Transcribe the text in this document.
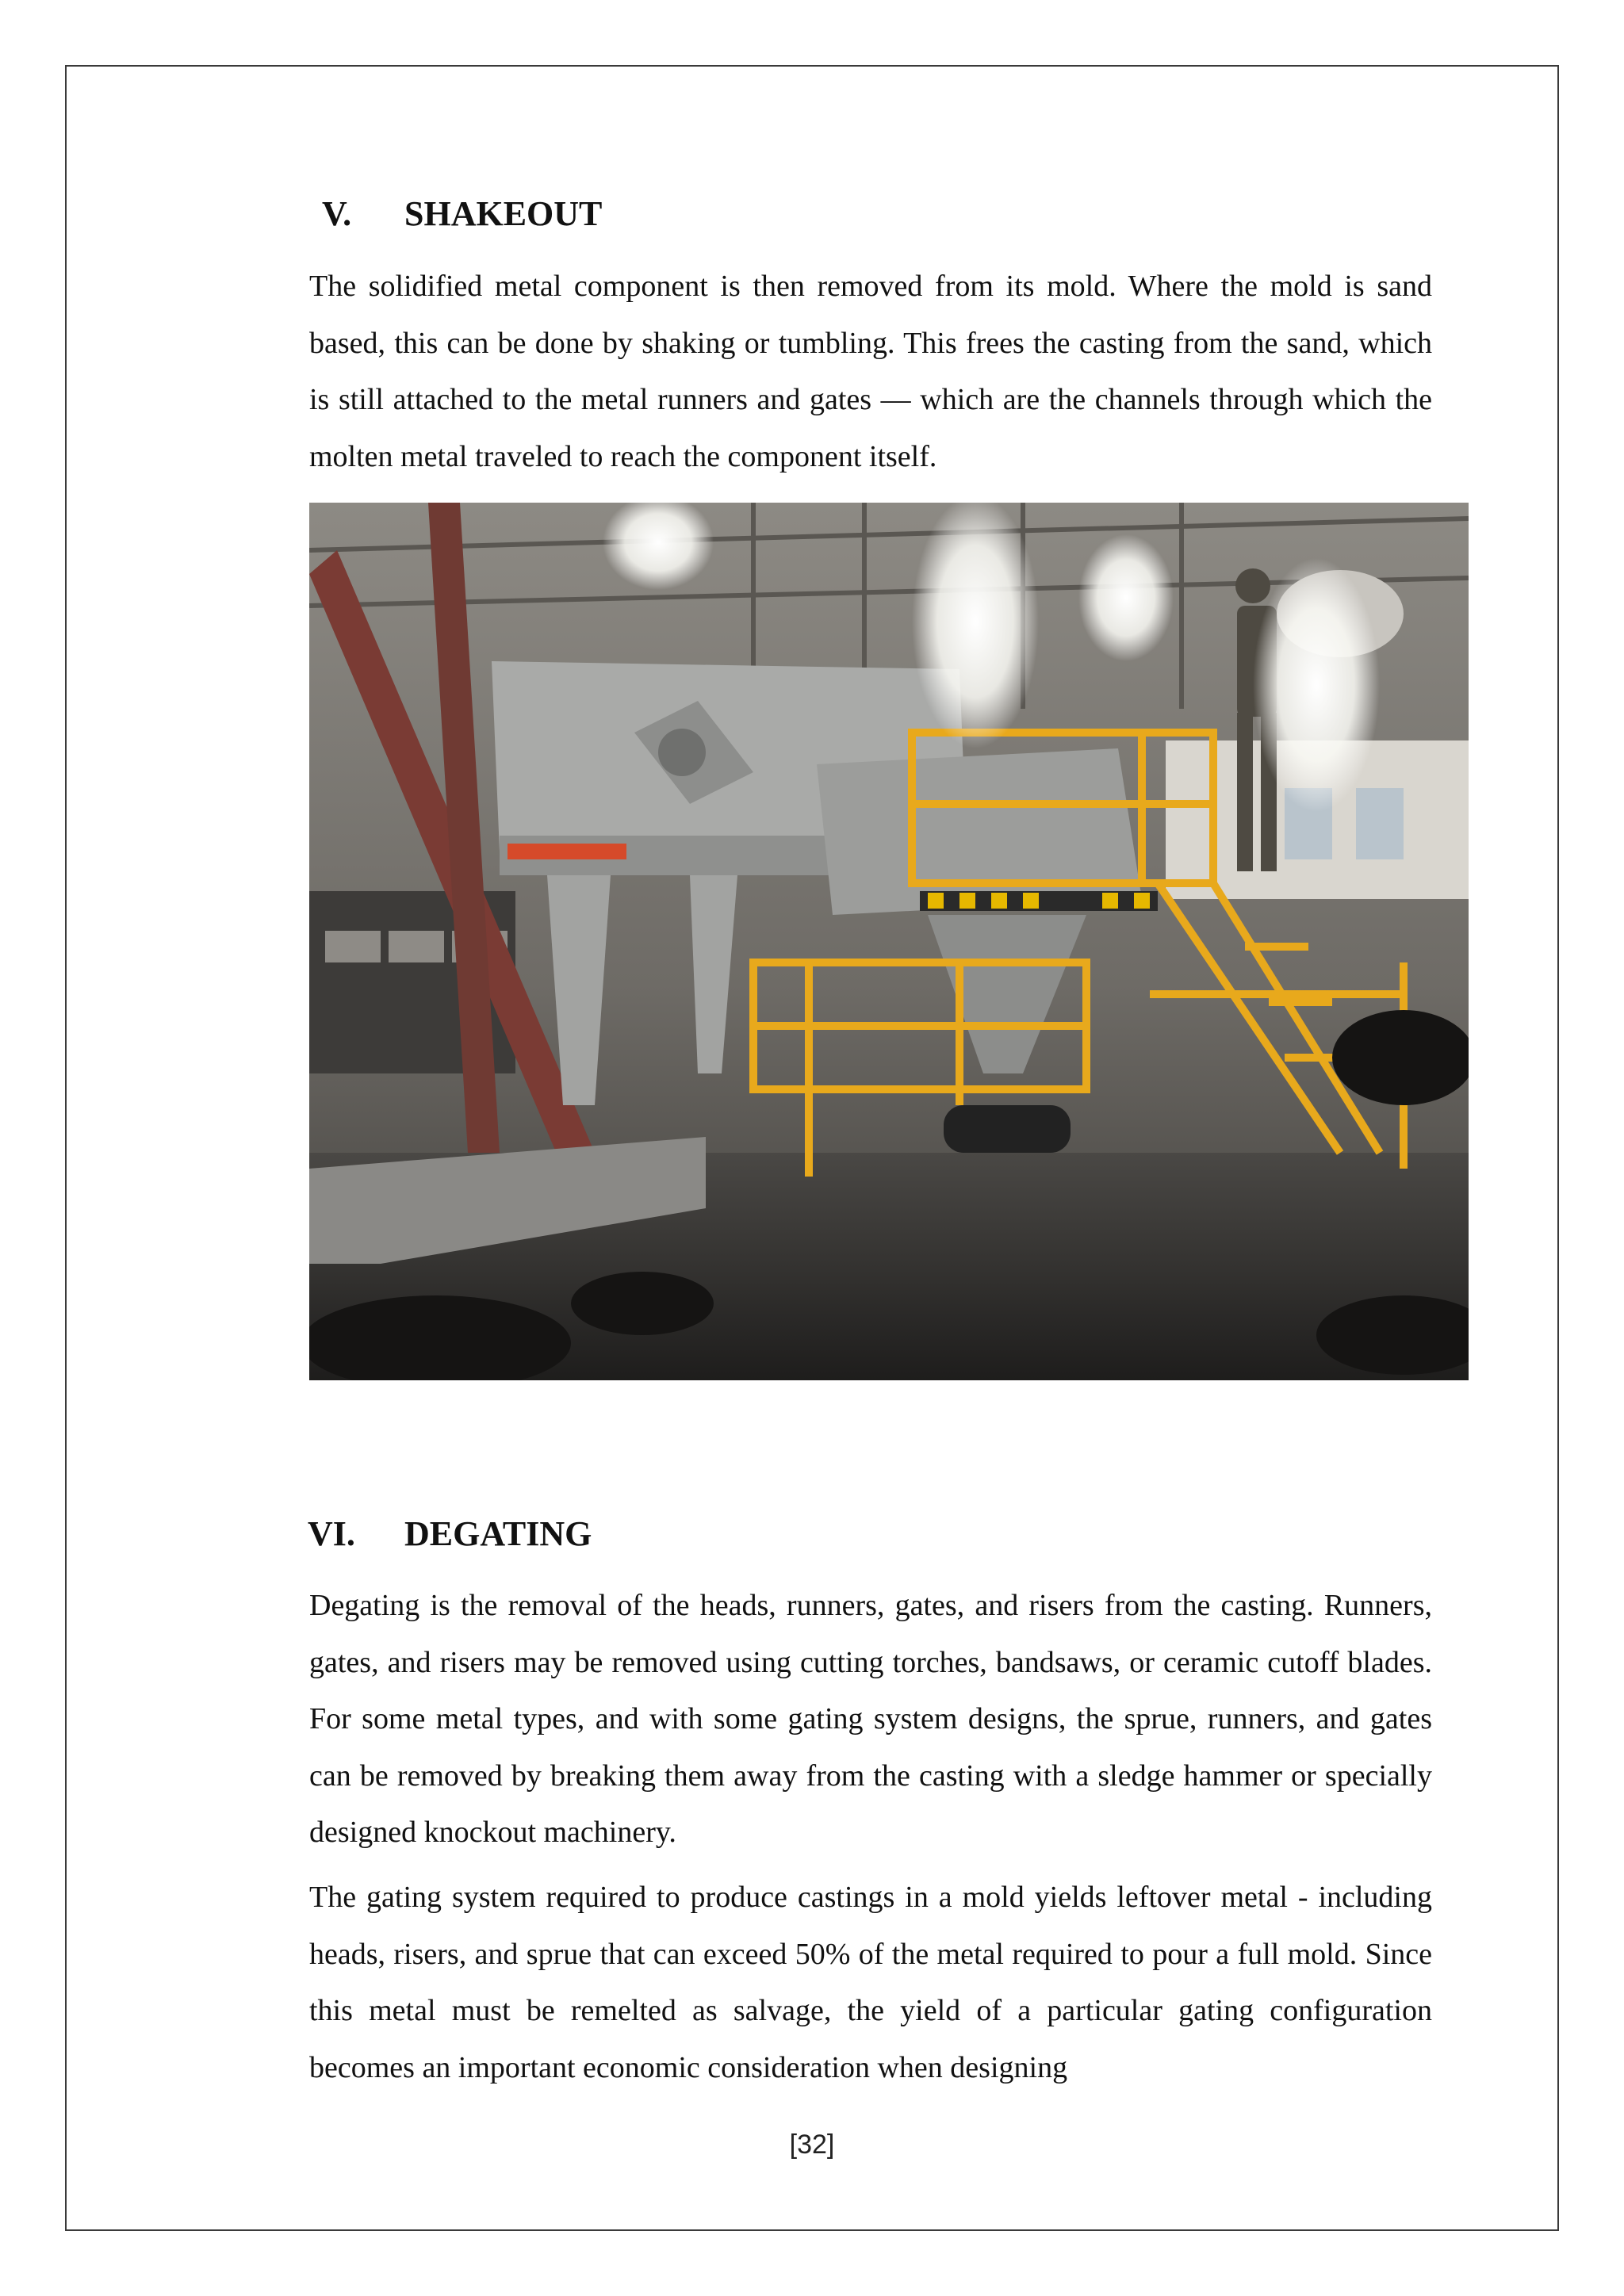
V.	SHAKEOUT

The solidified metal component is then removed from its mold. Where the mold is sand based, this can be done by shaking or tumbling. This frees the casting from the sand, which is still attached to the metal runners and gates — which are the channels through which the molten metal traveled to reach the component itself.

VI.	DEGATING

Degating is the removal of the heads, runners, gates, and risers from the casting. Runners, gates, and risers may be removed using cutting torches, bandsaws, or ceramic cutoff blades. For some metal types, and with some gating system designs, the sprue, runners, and gates can be removed by breaking them away from the casting with a sledge hammer or specially designed knockout machinery.

The gating system required to produce castings in a mold yields leftover metal - including heads, risers, and sprue that can exceed 50% of the metal required to pour a full mold. Since this metal must be remelted as salvage, the yield of a particular gating configuration becomes an important economic consideration when designing

[32]
